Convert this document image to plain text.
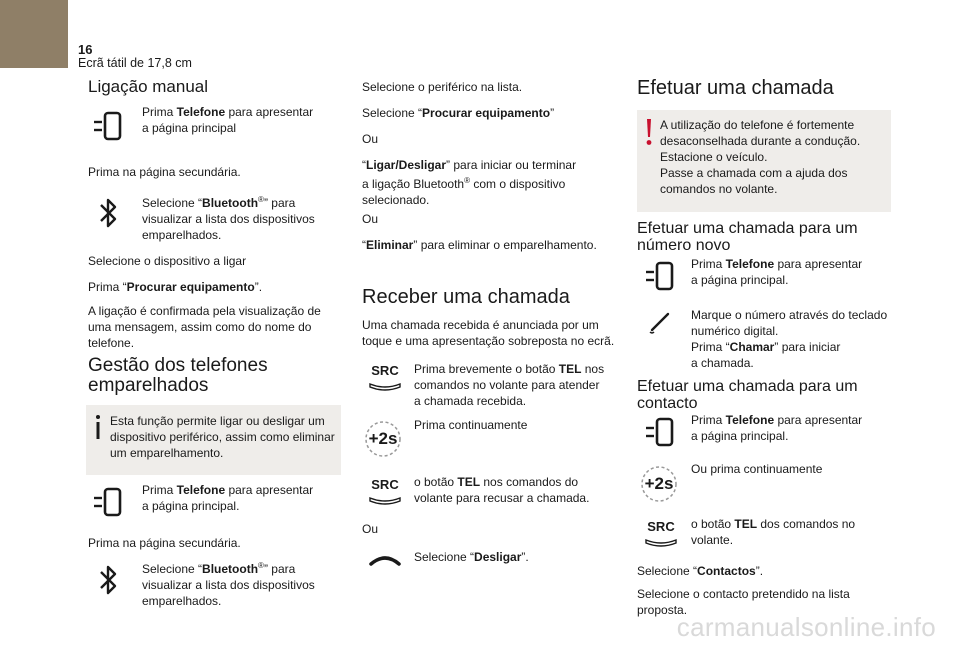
16
Ecrã tátil de 17,8 cm
Ligação manual

Prima Telefone para apresentar
a página principal

Prima na página secundária.

Selecione “Bluetooth®” para
visualizar a lista dos dispositivos
emparelhados.

Selecione o dispositivo a ligar

Prima “Procurar equipamento”.

A ligação é confirmada pela visualização de
uma mensagem, assim como do nome do
telefone.

Gestão dos telefones
emparelhados

Esta função permite ligar ou desligar um
dispositivo periférico, assim como eliminar
um emparelhamento.

Prima Telefone para apresentar
a página principal.

Prima na página secundária.

Selecione “Bluetooth®” para
visualizar a lista dos dispositivos
emparelhados.

Selecione o periférico na lista.

Selecione “Procurar equipamento”

Ou

“Ligar/Desligar” para iniciar ou terminar
a ligação Bluetooth® com o dispositivo
selecionado.

Ou

“Eliminar” para eliminar o emparelhamento.

Receber uma chamada

Uma chamada recebida é anunciada por um
toque e uma apresentação sobreposta no ecrã.

SRC Prima brevemente o botão TEL nos
comandos no volante para atender
a chamada recebida.

+2s

Prima continuamente

SRC o botão TEL nos comandos do
volante para recusar a chamada.

Ou

Selecione “Desligar”.

Efetuar uma chamada

A utilização do telefone é fortemente
desaconselhada durante a condução.
Estacione o veículo.
Passe a chamada com a ajuda dos
comandos no volante.

Efetuar uma chamada para um
número novo

Prima Telefone para apresentar
a página principal.

Marque o número através do teclado
numérico digital.
Prima “Chamar” para iniciar
a chamada.

Efetuar uma chamada para um
contacto

Prima Telefone para apresentar
a página principal.

+2s

Ou prima continuamente

SRC o botão TEL dos comandos no
volante.

Selecione “Contactos”.

Selecione o contacto pretendido na lista
proposta.

carmanualsonline.info
